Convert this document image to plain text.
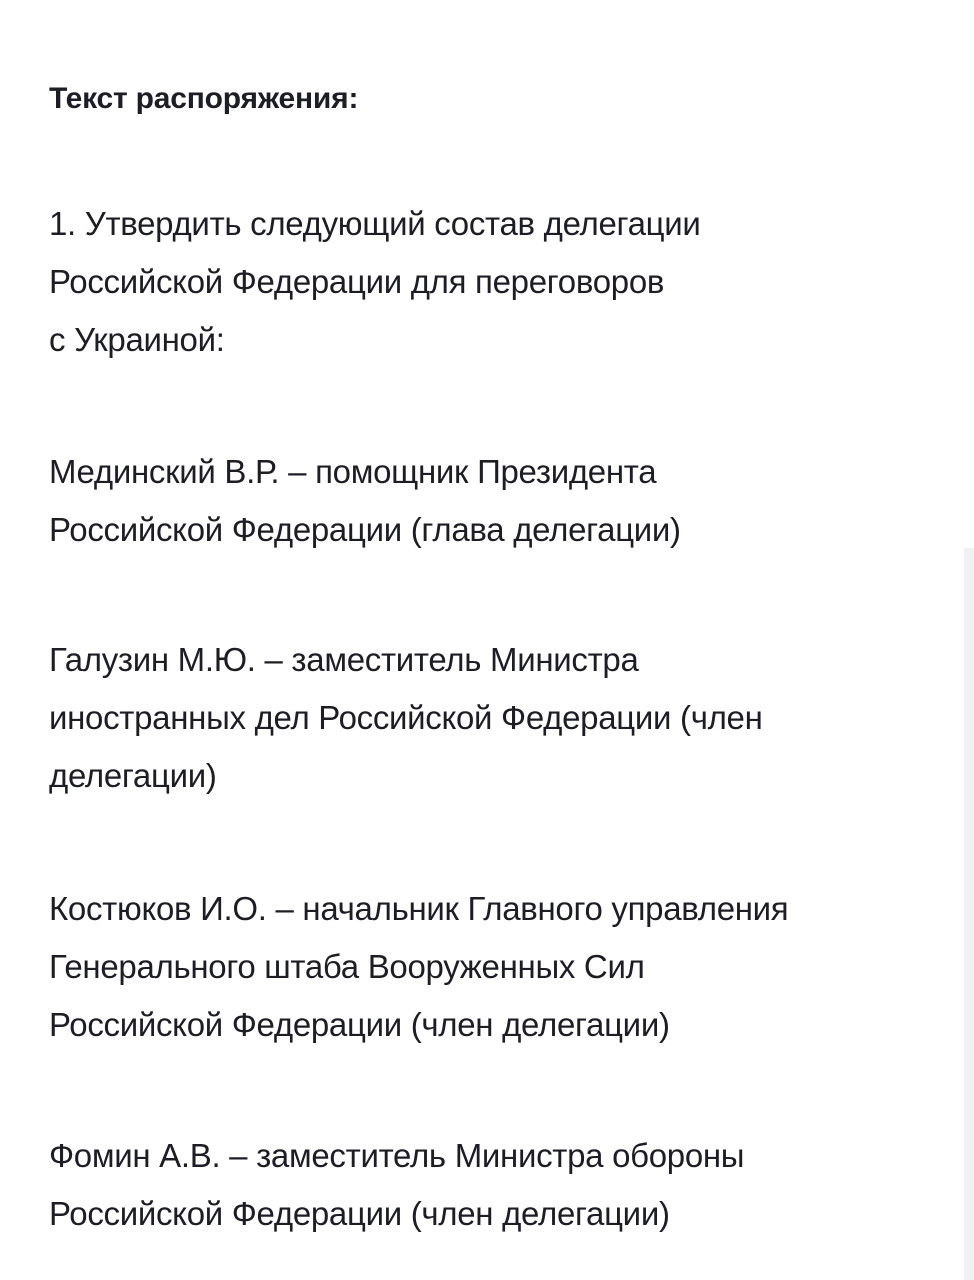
Текст распоряжения:

1. Утвердить следующий состав делегации
Российской Федерации для переговоров
с Украиной:

Мединский В.Р. – помощник Президента
Российской Федерации (глава делегации)

Галузин М.Ю. – заместитель Министра
иностранных дел Российской Федерации (член
делегации)

Костюков И.О. – начальник Главного управления
Генерального штаба Вооруженных Сил
Российской Федерации (член делегации)

Фомин А.В. – заместитель Министра обороны
Российской Федерации (член делегации)
